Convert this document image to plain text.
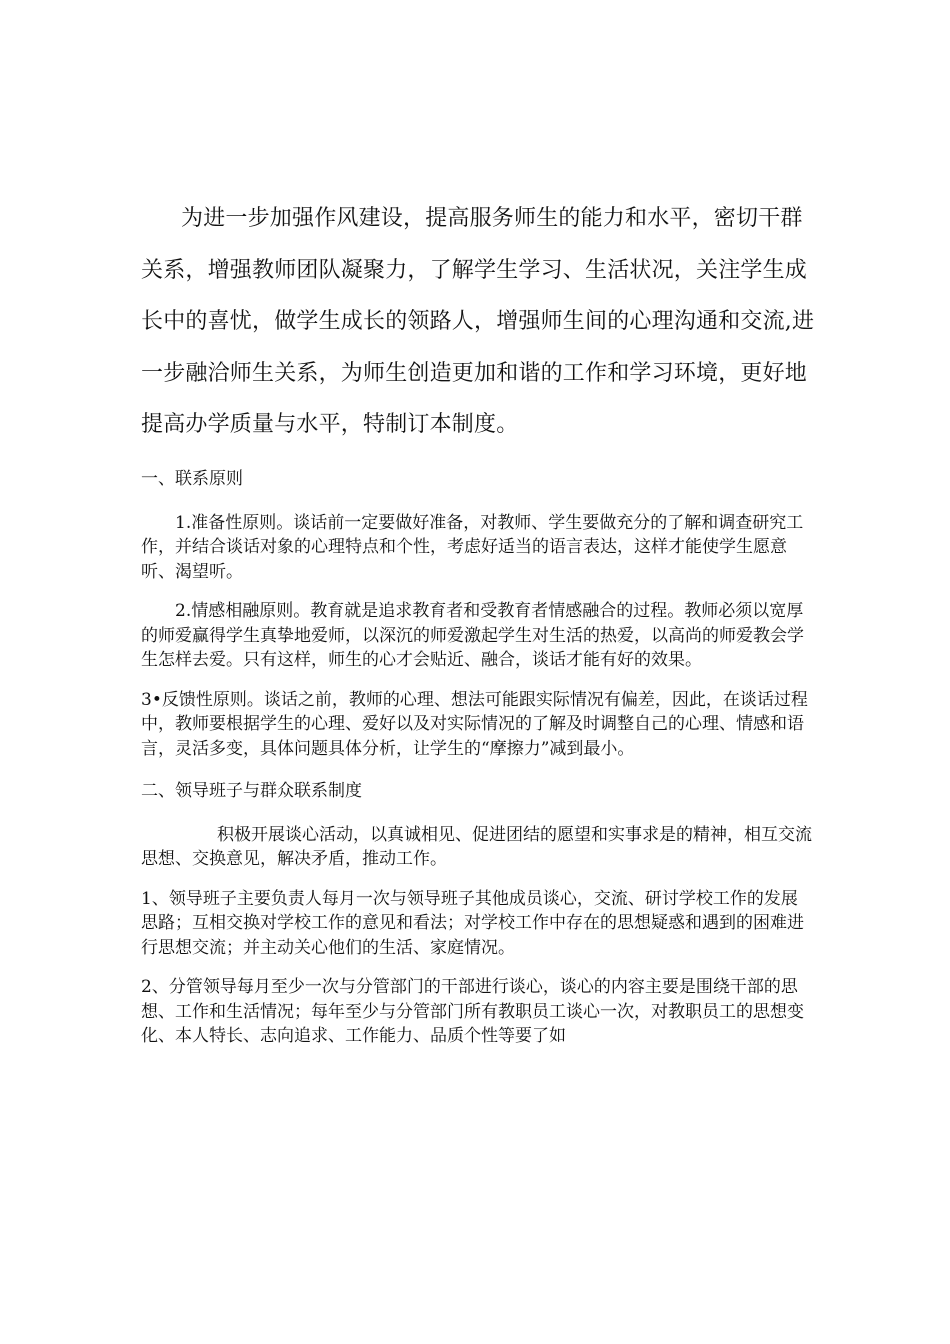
为进一步加强作风建设，提高服务师生的能力和水平，密切干群关系，增强教师团队凝聚力，了解学生学习、生活状况，关注学生成长中的喜忧，做学生成长的领路人，增强师生间的心理沟通和交流,进一步融洽师生关系，为师生创造更加和谐的工作和学习环境，更好地提高办学质量与水平，特制订本制度。

一、联系原则

1.准备性原则。谈话前一定要做好准备，对教师、学生要做充分的了解和调查研究工作，并结合谈话对象的心理特点和个性，考虑好适当的语言表达，这样才能使学生愿意听、渴望听。

2.情感相融原则。教育就是追求教育者和受教育者情感融合的过程。教师必须以宽厚的师爱赢得学生真挚地爱师，以深沉的师爱激起学生对生活的热爱，以高尚的师爱教会学生怎样去爱。只有这样，师生的心才会贴近、融合，谈话才能有好的效果。

3•反馈性原则。谈话之前，教师的心理、想法可能跟实际情况有偏差，因此，在谈话过程中，教师要根据学生的心理、爱好以及对实际情况的了解及时调整自己的心理、情感和语言，灵活多变，具体问题具体分析，让学生的“摩擦力”减到最小。

二、领导班子与群众联系制度

积极开展谈心活动，以真诚相见、促进团结的愿望和实事求是的精神，相互交流思想、交换意见，解决矛盾，推动工作。

1、领导班子主要负责人每月一次与领导班子其他成员谈心，交流、研讨学校工作的发展思路；互相交换对学校工作的意见和看法；对学校工作中存在的思想疑惑和遇到的困难进行思想交流；并主动关心他们的生活、家庭情况。

2、分管领导每月至少一次与分管部门的干部进行谈心，谈心的内容主要是围绕干部的思想、工作和生活情况；每年至少与分管部门所有教职员工谈心一次，对教职员工的思想变化、本人特长、志向追求、工作能力、品质个性等要了如
